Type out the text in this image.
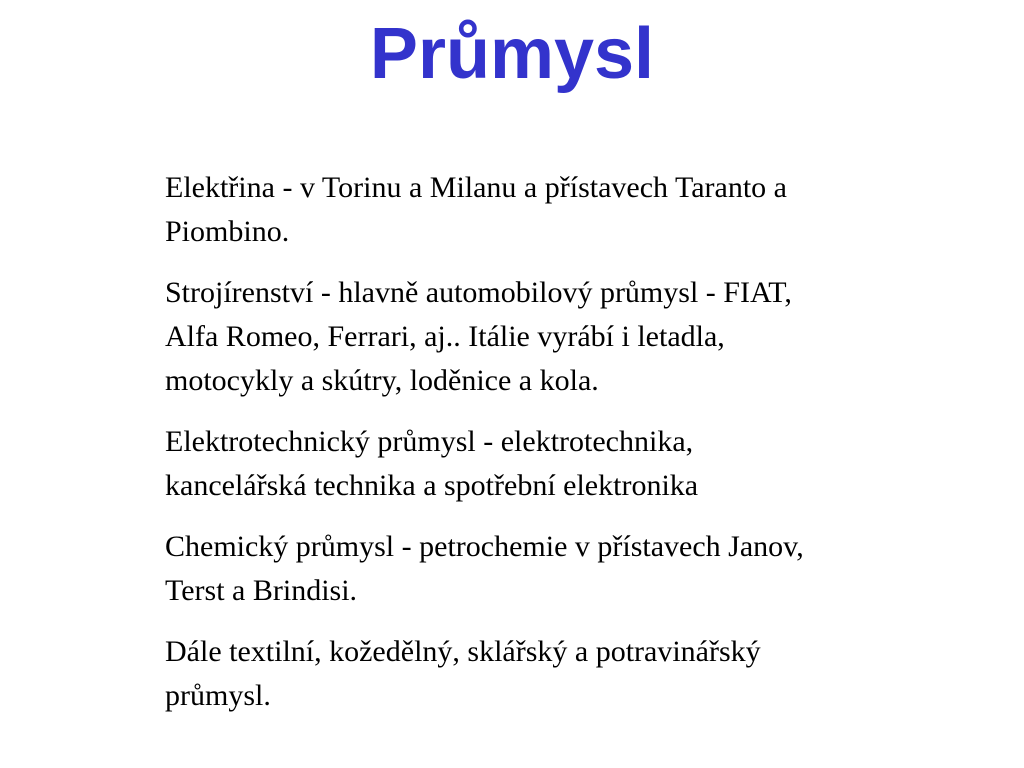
Průmysl

Elektřina - v Torinu a Milanu a přístavech Taranto a Piombino.

Strojírenství - hlavně automobilový průmysl - FIAT, Alfa Romeo, Ferrari, aj.. Itálie vyrábí i letadla, motocykly a skútry, loděnice a kola.

Elektrotechnický průmysl - elektrotechnika, kancelářská technika a spotřební elektronika

Chemický průmysl - petrochemie v přístavech Janov, Terst a Brindisi.

Dále textilní, kožedělný, sklářský a potravinářský průmysl.
